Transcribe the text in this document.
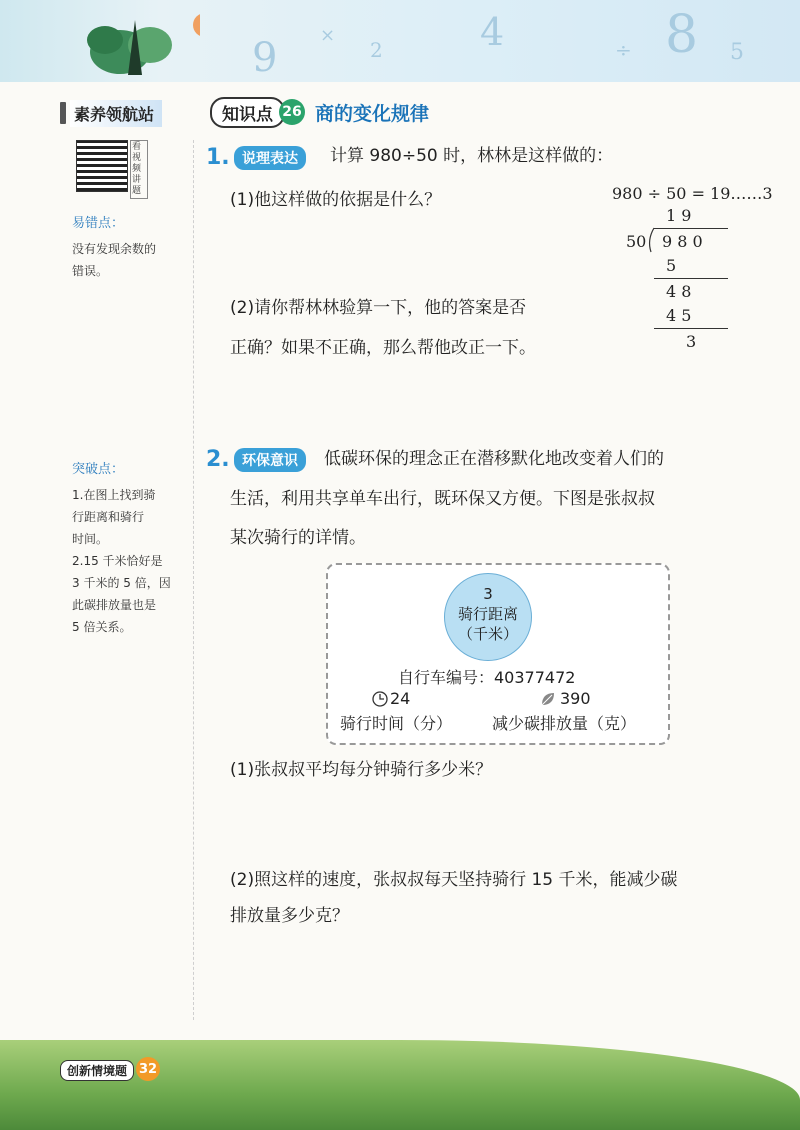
9 ×
2	4	÷ 8 5
素养领航站	知识点 26 商的变化规律
看视频讲题
易错点：
没有发现余数的
错误。
突破点：
1.在图上找到骑
行距离和骑行
时间。
2.15 千米恰好是
3 千米的 5 倍，因
此碳排放量也是
5 倍关系。
1. 说理表达	计算 980÷50 时，林林是这样做的：
(1)他这样做的依据是什么？
(2)请你帮林林验算一下，他的答案是否
正确？如果不正确，那么帮他改正一下。
980 ÷ 50 = 19……3
1 9
50 9 8 0
5
4 8
4 5
3
2. 环保意识	低碳环保的理念正在潜移默化地改变着人们的
生活，利用共享单车出行，既环保又方便。下图是张叔叔
某次骑行的详情。
3
骑行距离
（千米）
自行车编号：40377472
24	390
骑行时间（分） 减少碳排放量（克）
(1)张叔叔平均每分钟骑行多少米？
(2)照这样的速度，张叔叔每天坚持骑行 15 千米，能减少碳
排放量多少克？
创新情境题 32
